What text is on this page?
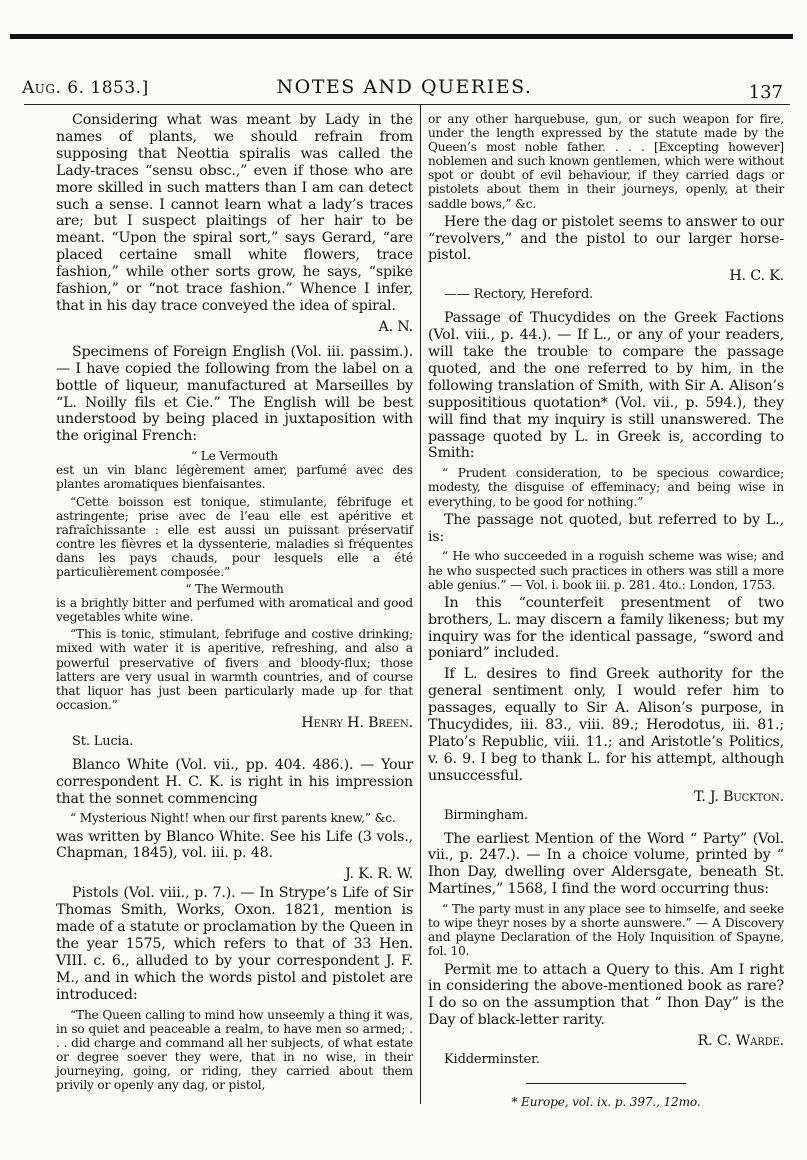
Aug. 6. 1853.]	NOTES AND QUERIES.	137

Considering what was meant by Lady in the names of plants, we should refrain from supposing that Neottia spiralis was called the Lady-traces “sensu obsc.,” even if those who are more skilled in such matters than I am can detect such a sense. I cannot learn what a lady’s traces are; but I suspect plaitings of her hair to be meant. “Upon the spiral sort,” says Gerard, “are placed certaine small white flowers, trace fashion,” while other sorts grow, he says, “spike fashion,” or “not trace fashion.” Whence I infer, that in his day trace conveyed the idea of spiral.

A. N.

Specimens of Foreign English (Vol. iii. passim.). — I have copied the following from the label on a bottle of liqueur, manufactured at Marseilles by “L. Noilly fils et Cie.” The English will be best understood by being placed in juxtaposition with the original French:

“ Le Vermouth

est un vin blanc légèrement amer, parfumé avec des plantes aromatiques bienfaisantes.

“Cette boisson est tonique, stimulante, fébrifuge et astringente; prise avec de l’eau elle est apéritive et rafraîchissante : elle est aussi un puissant préservatif contre les fièvres et la dyssenterie, maladies si fréquentes dans les pays chauds, pour lesquels elle a été particulièrement composée.”

“ The Wermouth

is a brightly bitter and perfumed with aromatical and good vegetables white wine.

“This is tonic, stimulant, febrifuge and costive drinking; mixed with water it is aperitive, refreshing, and also a powerful preservative of fivers and bloody-flux; those latters are very usual in warmth countries, and of course that liquor has just been particularly made up for that occasion.”

Henry H. Breen.

St. Lucia.

Blanco White (Vol. vii., pp. 404. 486.). — Your correspondent H. C. K. is right in his impression that the sonnet commencing

“ Mysterious Night! when our first parents knew,” &c.

was written by Blanco White. See his Life (3 vols., Chapman, 1845), vol. iii. p. 48.

J. K. R. W.

Pistols (Vol. viii., p. 7.). — In Strype’s Life of Sir Thomas Smith, Works, Oxon. 1821, mention is made of a statute or proclamation by the Queen in the year 1575, which refers to that of 33 Hen. VIII. c. 6., alluded to by your correspondent J. F. M., and in which the words pistol and pistolet are introduced:

“The Queen calling to mind how unseemly a thing it was, in so quiet and peaceable a realm, to have men so armed; . . . did charge and command all her subjects, of what estate or degree soever they were, that in no wise, in their journeying, going, or riding, they carried about them privily or openly any dag, or pistol,

or any other harquebuse, gun, or such weapon for fire, under the length expressed by the statute made by the Queen’s most noble father. . . . [Excepting however] noblemen and such known gentlemen, which were without spot or doubt of evil behaviour, if they carried dags or pistolets about them in their journeys, openly, at their saddle bows,” &c.

Here the dag or pistolet seems to answer to our “revolvers,” and the pistol to our larger horse-pistol.

H. C. K.

—— Rectory, Hereford.

Passage of Thucydides on the Greek Factions (Vol. viii., p. 44.). — If L., or any of your readers, will take the trouble to compare the passage quoted, and the one referred to by him, in the following translation of Smith, with Sir A. Alison’s supposititious quotation* (Vol. vii., p. 594.), they will find that my inquiry is still unanswered. The passage quoted by L. in Greek is, according to Smith:

“ Prudent consideration, to be specious cowardice; modesty, the disguise of effeminacy; and being wise in everything, to be good for nothing.”

The passage not quoted, but referred to by L., is:

“ He who succeeded in a roguish scheme was wise; and he who suspected such practices in others was still a more able genius.” — Vol. i. book iii. p. 281. 4to.: London, 1753.

In this “counterfeit presentment of two brothers, L. may discern a family likeness; but my inquiry was for the identical passage, “sword and poniard” included.

If L. desires to find Greek authority for the general sentiment only, I would refer him to passages, equally to Sir A. Alison’s purpose, in Thucydides, iii. 83., viii. 89.; Herodotus, iii. 81.; Plato’s Republic, viii. 11.; and Aristotle’s Politics, v. 6. 9. I beg to thank L. for his attempt, although unsuccessful.

T. J. Buckton.

Birmingham.

The earliest Mention of the Word “ Party” (Vol. vii., p. 247.). — In a choice volume, printed by “ Ihon Day, dwelling over Aldersgate, beneath St. Martines,” 1568, I find the word occurring thus:

“ The party must in any place see to himselfe, and seeke to wipe theyr noses by a shorte aunswere.” — A Discovery and playne Declaration of the Holy Inquisition of Spayne, fol. 10.

Permit me to attach a Query to this. Am I right in considering the above-mentioned book as rare? I do so on the assumption that “ Ihon Day” is the Day of black-letter rarity.

R. C. Warde.

Kidderminster.

* Europe, vol. ix. p. 397., 12mo.
